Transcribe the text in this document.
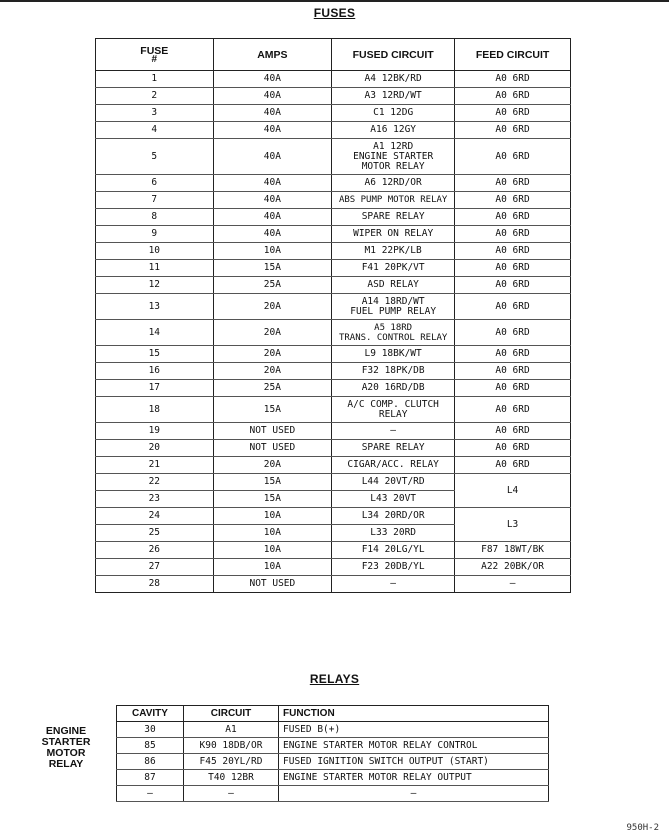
FUSES
FUSE
#	AMPS	FUSED CIRCUIT	FEED CIRCUIT
1	40A	A4 12BK/RD	A0 6RD
2	40A	A3 12RD/WT	A0 6RD
3	40A	C1 12DG	A0 6RD
4	40A	A16 12GY	A0 6RD
5	40A	A1 12RD
ENGINE STARTER
MOTOR RELAY	A0 6RD
6	40A	A6 12RD/OR	A0 6RD
7	40A	ABS PUMP MOTOR RELAY	A0 6RD
8	40A	SPARE RELAY	A0 6RD
9	40A	WIPER ON RELAY	A0 6RD
10	10A	M1 22PK/LB	A0 6RD
11	15A	F41 20PK/VT	A0 6RD
12	25A	ASD RELAY	A0 6RD
13	20A	A14 18RD/WT
FUEL PUMP RELAY	A0 6RD
14	20A	A5 18RD
TRANS. CONTROL RELAY	A0 6RD
15	20A	L9 18BK/WT	A0 6RD
16	20A	F32 18PK/DB	A0 6RD
17	25A	A20 16RD/DB	A0 6RD
18	15A	A/C COMP. CLUTCH
RELAY	A0 6RD
19	NOT USED	—	A0 6RD
20	NOT USED	SPARE RELAY	A0 6RD
21	20A	CIGAR/ACC. RELAY	A0 6RD
22	15A	L44 20VT/RD	L4
23	15A	L43 20VT	
24	10A	L34 20RD/OR	L3
25	10A	L33 20RD	
26	10A	F14 20LG/YL	F87 18WT/BK
27	10A	F23 20DB/YL	A22 20BK/OR
28	NOT USED	—	—
RELAYS
ENGINE
STARTER
MOTOR
RELAY
CAVITY	CIRCUIT	FUNCTION
30	A1	FUSED B(+)
85	K90 18DB/OR	ENGINE STARTER MOTOR RELAY CONTROL
86	F45 20YL/RD	FUSED IGNITION SWITCH OUTPUT (START)
87	T40 12BR	ENGINE STARTER MOTOR RELAY OUTPUT
—	—	—
950H-2
